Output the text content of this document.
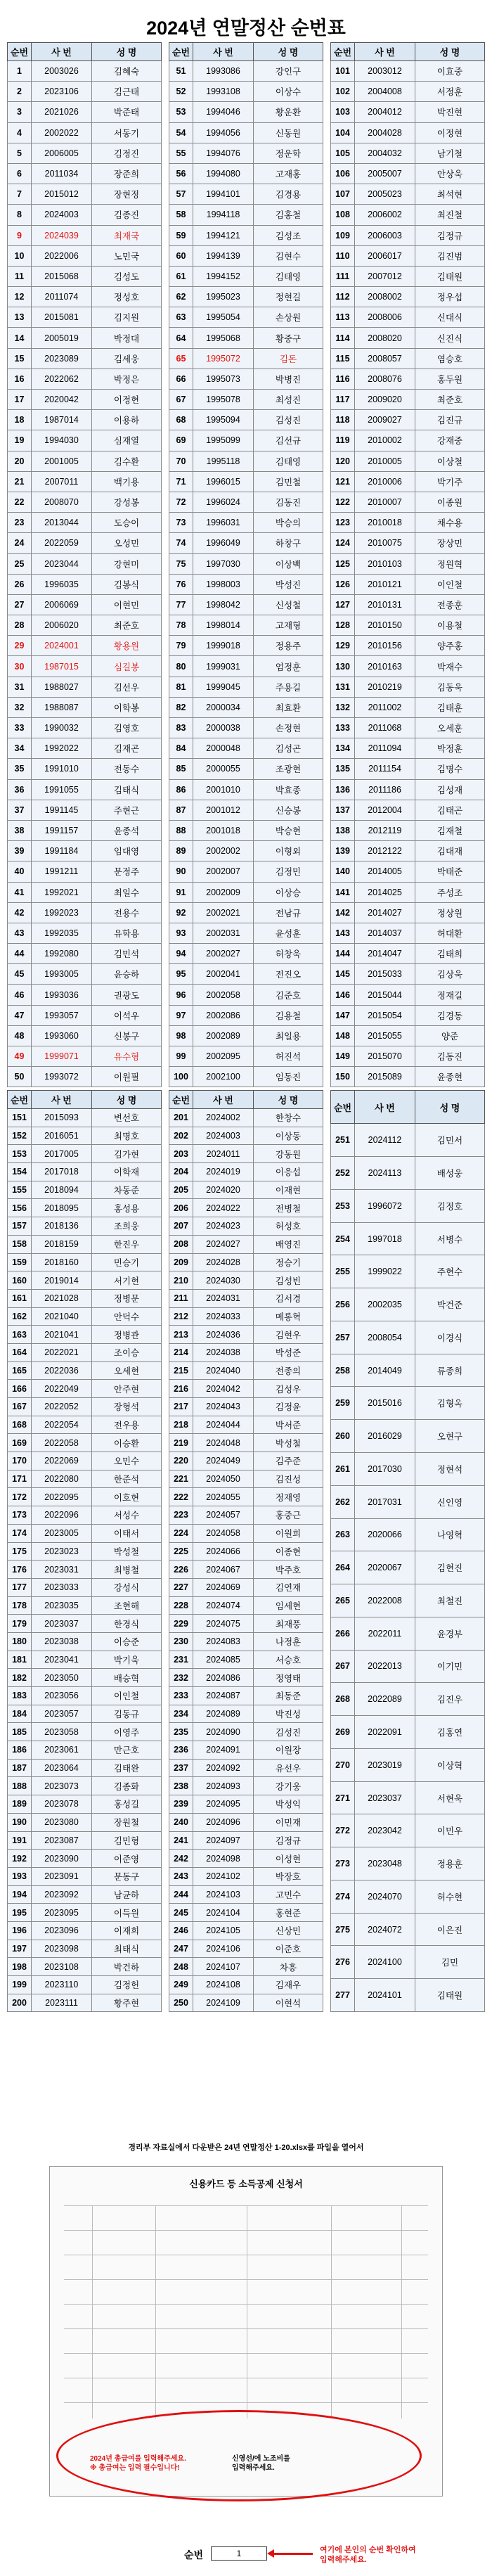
2024년 연말정산 순번표
순번	사 번	성 명
1	2003026	김혜숙
2	2023106	김근태
3	2021026	박준태
4	2002022	서동기
5	2006005	김정진
6	2011034	장준희
7	2015012	장현정
8	2024003	김종진
9	2024039	최재국
10	2022006	노민국
11	2015068	김성도
12	2011074	정성호
13	2015081	김지원
14	2005019	박정대
15	2023089	김세웅
16	2022062	박정은
17	2020042	이정현
18	1987014	이용하
19	1994030	심재열
20	2001005	김수환
21	2007011	백기용
22	2008070	강성봉
23	2013044	도승이
24	2022059	오성민
25	2023044	강현미
26	1996035	김봉식
27	2006069	이현민
28	2006020	최준호
29	2024001	황용원
30	1987015	심길봉
31	1988027	김선우
32	1988087	이학봉
33	1990032	김영호
34	1992022	김재곤
35	1991010	전동수
36	1991055	김태식
37	1991145	주현근
38	1991157	윤종석
39	1991184	임대영
40	1991211	문정주
41	1992021	최일수
42	1992023	전용수
43	1992035	유학용
44	1992080	김민석
45	1993005	윤승하
46	1993036	권광도
47	1993057	이석우
48	1993060	신봉구
49	1999071	유수형
50	1993072	이원필
순번	사 번	성 명
51	1993086	강인구
52	1993108	이상수
53	1994046	황운환
54	1994056	신동원
55	1994076	정운학
56	1994080	고재홍
57	1994101	김경용
58	1994118	김홍철
59	1994121	김성조
60	1994139	김현수
61	1994152	김태영
62	1995023	정현길
63	1995054	손상원
64	1995068	황중구
65	1995072	김돈
66	1995073	박병진
67	1995078	최성진
68	1995094	김성진
69	1995099	김선규
70	1995118	김태영
71	1996015	김민철
72	1996024	김동진
73	1996031	박승의
74	1996049	하창구
75	1997030	이상백
76	1998003	박성진
77	1998042	신성철
78	1998014	고재형
79	1999018	정용주
80	1999031	엄정훈
81	1999045	주용길
82	2000034	최효환
83	2000038	손정현
84	2000048	김성곤
85	2000055	조광현
86	2001010	박효종
87	2001012	신승봉
88	2001018	박승현
89	2002002	이형외
90	2002007	김정민
91	2002009	이상승
92	2002021	전남규
93	2002031	윤성훈
94	2002027	허창욱
95	2002041	전진오
96	2002058	김준호
97	2002086	김용철
98	2002089	최일용
99	2002095	허진석
100	2002100	임동진
순번	사 번	성 명
101	2003012	이효중
102	2004008	서정훈
103	2004012	박진현
104	2004028	이정현
105	2004032	남기철
106	2005007	안상욱
107	2005023	최석현
108	2006002	최진철
109	2006003	김정규
110	2006017	김진범
111	2007012	김태원
112	2008002	정우섭
113	2008006	신대식
114	2008020	신진식
115	2008057	염승호
116	2008076	홍두원
117	2009020	최준호
118	2009027	김진규
119	2010002	강재중
120	2010005	이상철
121	2010006	박기주
122	2010007	이종원
123	2010018	채수용
124	2010075	장상민
125	2010103	정원혁
126	2010121	이인철
127	2010131	전종훈
128	2010150	이용철
129	2010156	양주홍
130	2010163	박재수
131	2010219	김동욱
132	2011002	김태훈
133	2011068	오세훈
134	2011094	박정훈
135	2011154	김명수
136	2011186	김성재
137	2012004	김태곤
138	2012119	김재철
139	2012122	김대재
140	2014005	박태준
141	2014025	주성조
142	2014027	정상원
143	2014037	허대환
144	2014047	김태희
145	2015033	김상욱
146	2015044	정재길
147	2015054	김경동
148	2015055	양준
149	2015070	김동진
150	2015089	윤종현
순번	사 번	성 명
151	2015093	변선호
152	2016051	최명호
153	2017005	김가현
154	2017018	이학재
155	2018094	차동준
156	2018095	홍성용
157	2018136	조희웅
158	2018159	한진우
159	2018160	민승기
160	2019014	서기현
161	2021028	정병문
162	2021040	안덕수
163	2021041	정병관
164	2022021	조이승
165	2022036	오세현
166	2022049	안주현
167	2022052	장형석
168	2022054	전우용
169	2022058	이승환
170	2022069	오민수
171	2022080	한준석
172	2022095	이호현
173	2022096	서성수
174	2023005	이태서
175	2023023	박성철
176	2023031	최병철
177	2023033	강성식
178	2023035	조현해
179	2023037	한경식
180	2023038	이승준
181	2023041	박기욱
182	2023050	배승혁
183	2023056	이인철
184	2023057	김동규
185	2023058	이영주
186	2023061	만근호
187	2023064	김태완
188	2023073	김종화
189	2023078	홍성길
190	2023080	장원철
191	2023087	김민형
192	2023090	이준영
193	2023091	문동구
194	2023092	남균하
195	2023095	이득원
196	2023096	이재희
197	2023098	최태식
198	2023108	박건하
199	2023110	김정헌
200	2023111	황주현
순번	사 번	성 명
201	2024002	한창수
202	2024003	이상동
203	2024011	강동원
204	2024019	이응섭
205	2024020	이재현
206	2024022	전병철
207	2024023	허성호
208	2024027	배영진
209	2024028	정승기
210	2024030	김성빈
211	2024031	김서경
212	2024033	메롱혁
213	2024036	김현우
214	2024038	박성준
215	2024040	전종의
216	2024042	김성우
217	2024043	김정윤
218	2024044	박서준
219	2024048	박성철
220	2024049	김주준
221	2024050	김진성
222	2024055	정재영
223	2024057	홍중근
224	2024058	이원희
225	2024066	이종현
226	2024067	박주호
227	2024069	김연재
228	2024074	임세현
229	2024075	최재풍
230	2024083	나정훈
231	2024085	서승호
232	2024086	정영태
233	2024087	최동준
234	2024089	박진성
235	2024090	김성진
236	2024091	이원장
237	2024092	유선우
238	2024093	강기웅
239	2024095	박성익
240	2024096	이민재
241	2024097	김정규
242	2024098	이성현
243	2024102	박장호
244	2024103	고민수
245	2024104	홍현준
246	2024105	신상민
247	2024106	이준호
248	2024107	차흥
249	2024108	김재우
250	2024109	이현석
순번	사 번	성 명
251	2024112	김민서
252	2024113	배성웅
253	1996072	김정호
254	1997018	서병수
255	1999022	주현수
256	2002035	박건준
257	2008054	이경식
258	2014049	류종희
259	2015016	김형옥
260	2016029	오현구
261	2017030	정현석
262	2017031	신인영
263	2020066	나영혁
264	2020067	김현진
265	2022008	최철진
266	2022011	윤경부
267	2022013	이기민
268	2022089	김진우
269	2022091	김홍연
270	2023019	이상혁
271	2023037	서현욱
272	2023042	이민우
273	2023048	정용훈
274	2024070	허수현
275	2024072	이은진
276	2024100	김민
277	2024101	김태원
경리부 자료실에서 다운받은 24년 연말정산 1-20.xlsx를 파일을 열어서
신용카드 등 소득공제 신청서
2024년 총급여를 입력해주세요.
※ 총급여는 입력 필수입니다!
신영선/에 노조비를
입력해주세요.
순번	1	여기에 본인의 순번 확인하여
입력해주세요.
